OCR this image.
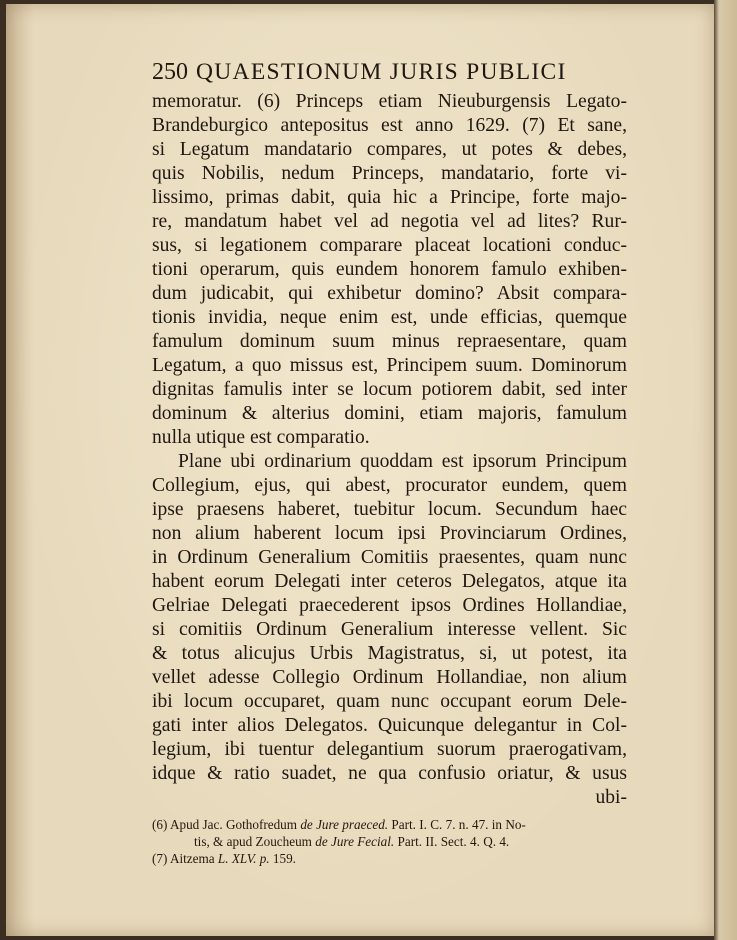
250 QUAESTIONUM JURIS PUBLICI
memoratur. (6) Princeps etiam Nieuburgensis Legato-
Brandeburgico antepositus est anno 1629. (7) Et sane,
si Legatum mandatario compares, ut potes & debes,
quis Nobilis, nedum Princeps, mandatario, forte vi-
lissimo, primas dabit, quia hic a Principe, forte majo-
re, mandatum habet vel ad negotia vel ad lites? Rur-
sus, si legationem comparare placeat locationi conduc-
tioni operarum, quis eundem honorem famulo exhiben-
dum judicabit, qui exhibetur domino? Absit compara-
tionis invidia, neque enim est, unde efficias, quemque
famulum dominum suum minus repraesentare, quam
Legatum, a quo missus est, Principem suum. Dominorum
dignitas famulis inter se locum potiorem dabit, sed inter
dominum & alterius domini, etiam majoris, famulum
nulla utique est comparatio.
Plane ubi ordinarium quoddam est ipsorum Principum
Collegium, ejus, qui abest, procurator eundem, quem
ipse praesens haberet, tuebitur locum. Secundum haec
non alium haberent locum ipsi Provinciarum Ordines,
in Ordinum Generalium Comitiis praesentes, quam nunc
habent eorum Delegati inter ceteros Delegatos, atque ita
Gelriae Delegati praecederent ipsos Ordines Hollandiae,
si comitiis Ordinum Generalium interesse vellent. Sic
& totus alicujus Urbis Magistratus, si, ut potest, ita
vellet adesse Collegio Ordinum Hollandiae, non alium
ibi locum occuparet, quam nunc occupant eorum Dele-
gati inter alios Delegatos. Quicunque delegantur in Col-
legium, ibi tuentur delegantium suorum praerogativam,
idque & ratio suadet, ne qua confusio oriatur, & usus
ubi-
(6) Apud Jac. Gothofredum de Jure praeced. Part. I. C. 7. n. 47. in No-
tis, & apud Zoucheum de Jure Fecial. Part. II. Sect. 4. Q. 4.
(7) Aitzema L. XLV. p. 159.
